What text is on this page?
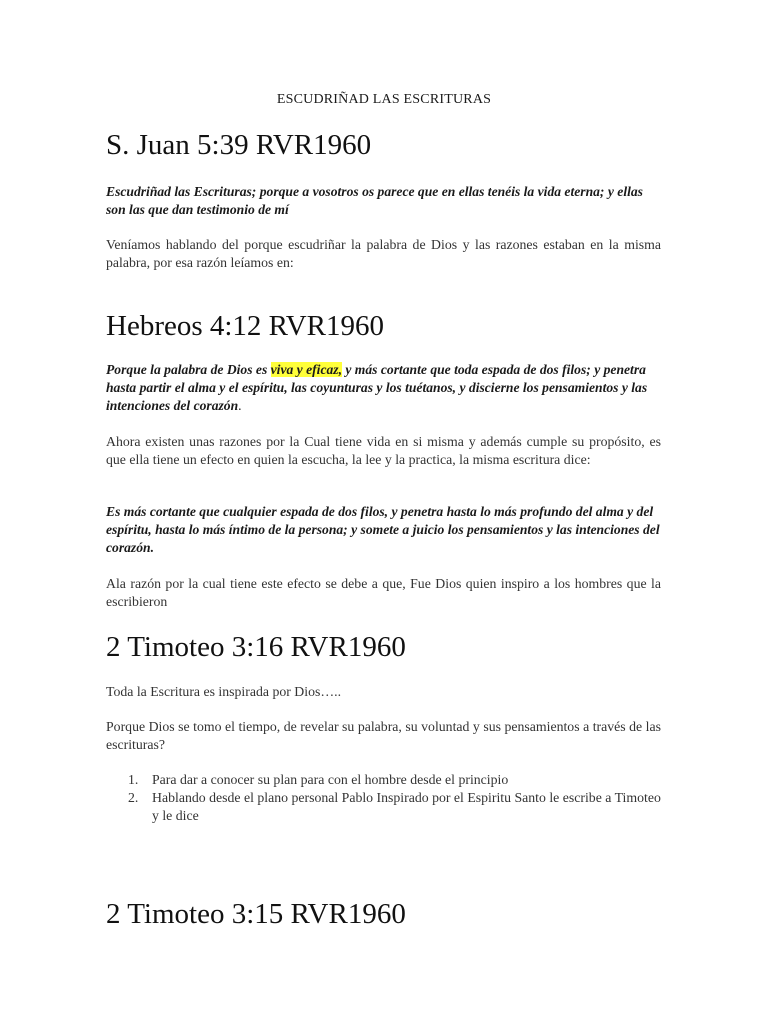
ESCUDRIÑAD LAS ESCRITURAS
S. Juan 5:39 RVR1960

Escudriñad las Escrituras; porque a vosotros os parece que en ellas tenéis la vida eterna; y ellas son las que dan testimonio de mí

Veníamos hablando del porque escudriñar la palabra de Dios y las razones estaban en la misma palabra, por esa razón leíamos en:

Hebreos 4:12 RVR1960

Porque la palabra de Dios es viva y eficaz, y más cortante que toda espada de dos filos; y penetra hasta partir el alma y el espíritu, las coyunturas y los tuétanos, y discierne los pensamientos y las intenciones del corazón.

Ahora existen unas razones por la Cual tiene vida en si misma y además cumple su propósito, es que ella tiene un efecto en quien la escucha, la lee y la practica, la misma escritura dice:

Es más cortante que cualquier espada de dos filos, y penetra hasta lo más profundo del alma y del espíritu, hasta lo más íntimo de la persona; y somete a juicio los pensamientos y las intenciones del corazón.

Ala razón por la cual tiene este efecto se debe a que, Fue Dios quien inspiro a los hombres que la escribieron

2 Timoteo 3:16 RVR1960

Toda la Escritura es inspirada por Dios…..

Porque Dios se tomo el tiempo, de revelar su palabra, su voluntad y sus pensamientos a través de las escrituras?

1. Para dar a conocer su plan para con el hombre desde el principio
2. Hablando desde el plano personal Pablo Inspirado por el Espiritu Santo le escribe a Timoteo y le dice
2 Timoteo 3:15 RVR1960
